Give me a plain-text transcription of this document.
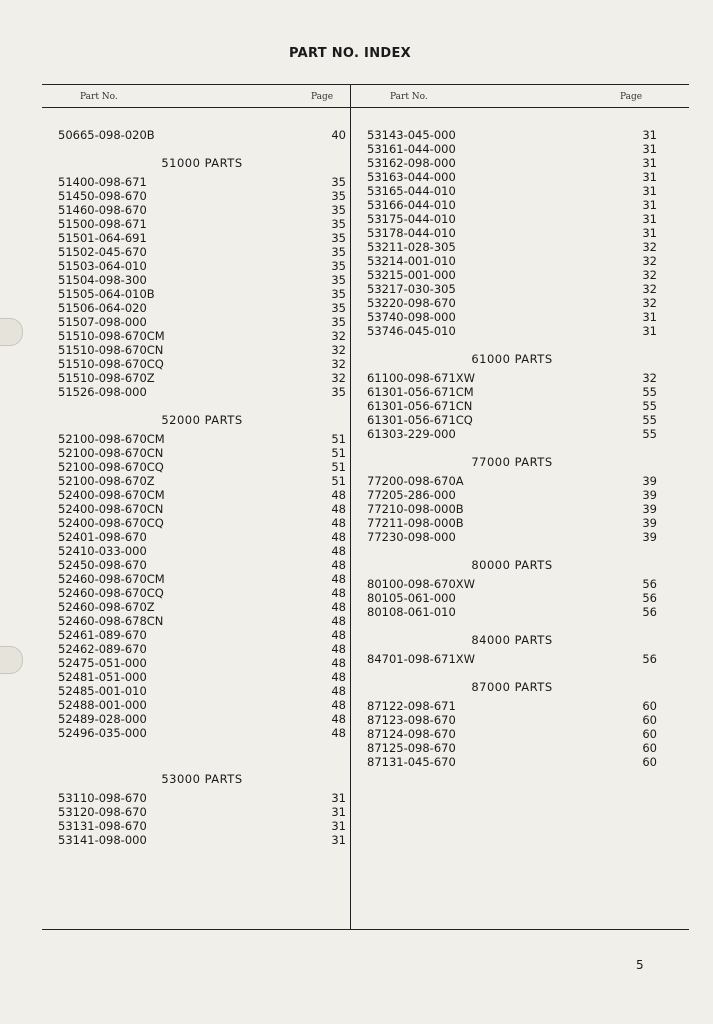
PART NO. INDEX
Part No.	Page	Part No.	Page
50665-098-020B	40
51000 PARTS
51400-098-671	35
51450-098-670	35
51460-098-670	35
51500-098-671	35
51501-064-691	35
51502-045-670	35
51503-064-010	35
51504-098-300	35
51505-064-010B	35
51506-064-020	35
51507-098-000	35
51510-098-670CM	32
51510-098-670CN	32
51510-098-670CQ	32
51510-098-670Z	32
51526-098-000	35
52000 PARTS
52100-098-670CM	51
52100-098-670CN	51
52100-098-670CQ	51
52100-098-670Z	51
52400-098-670CM	48
52400-098-670CN	48
52400-098-670CQ	48
52401-098-670	48
52410-033-000	48
52450-098-670	48
52460-098-670CM	48
52460-098-670CQ	48
52460-098-670Z	48
52460-098-678CN	48
52461-089-670	48
52462-089-670	48
52475-051-000	48
52481-051-000	48
52485-001-010	48
52488-001-000	48
52489-028-000	48
52496-035-000	48
53000 PARTS
53110-098-670	31
53120-098-670	31
53131-098-670	31
53141-098-000	31
53143-045-000	31
53161-044-000	31
53162-098-000	31
53163-044-000	31
53165-044-010	31
53166-044-010	31
53175-044-010	31
53178-044-010	31
53211-028-305	32
53214-001-010	32
53215-001-000	32
53217-030-305	32
53220-098-670	32
53740-098-000	31
53746-045-010	31
61000 PARTS
61100-098-671XW	32
61301-056-671CM	55
61301-056-671CN	55
61301-056-671CQ	55
61303-229-000	55
77000 PARTS
77200-098-670A	39
77205-286-000	39
77210-098-000B	39
77211-098-000B	39
77230-098-000	39
80000 PARTS
80100-098-670XW	56
80105-061-000	56
80108-061-010	56
84000 PARTS
84701-098-671XW	56
87000 PARTS
87122-098-671	60
87123-098-670	60
87124-098-670	60
87125-098-670	60
87131-045-670	60
5
